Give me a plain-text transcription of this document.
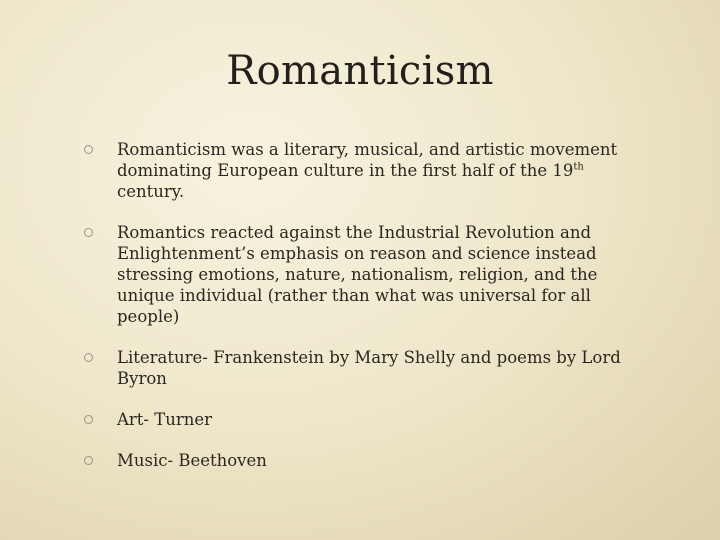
Romanticism
Romanticism was a literary, musical, and artistic movement dominating European culture in the first half of the 19th century.
Romantics reacted against the Industrial Revolution and Enlightenment’s emphasis on reason and science instead stressing emotions, nature, nationalism, religion, and the unique individual (rather than what was universal for all people)
Literature- Frankenstein by Mary Shelly and poems by Lord Byron
Art- Turner
Music- Beethoven
